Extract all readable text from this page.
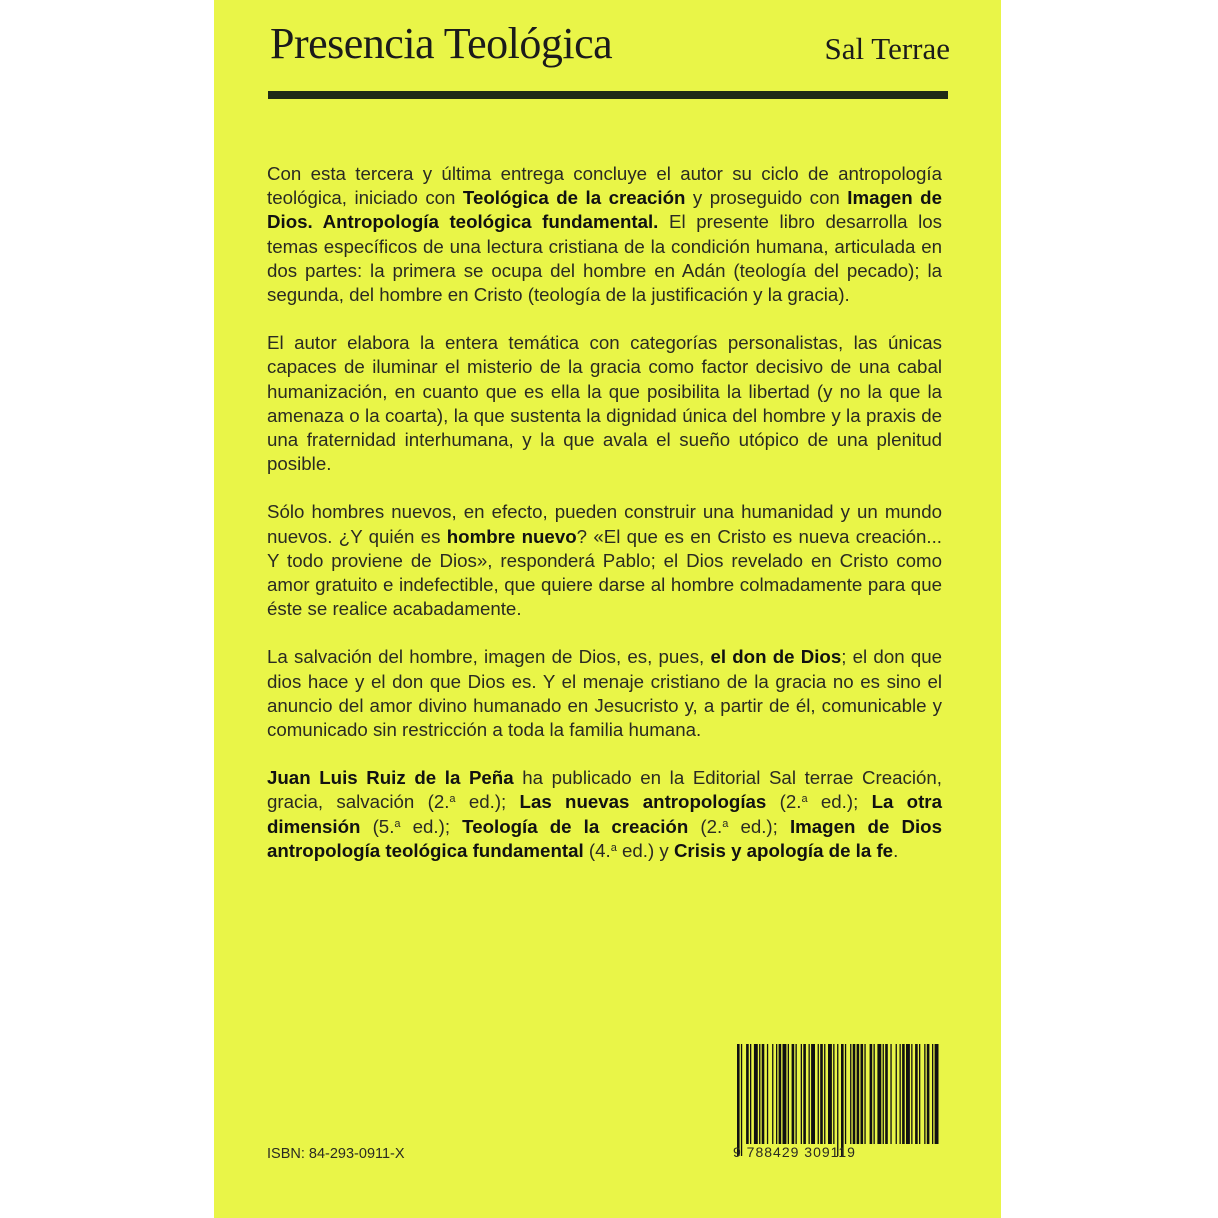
Presencia Teológica	Sal Terrae

Con esta tercera y última entrega concluye el autor su ciclo de antropología teológica, iniciado con Teológica de la creación y proseguido con Imagen de Dios. Antropología teológica fundamental. El presente libro desarrolla los temas específicos de una lectura cristiana de la condición humana, articulada en dos partes: la primera se ocupa del hombre en Adán (teología del pecado); la segunda, del hombre en Cristo (teología de la justificación y la gracia).

El autor elabora la entera temática con categorías personalistas, las únicas capaces de iluminar el misterio de la gracia como factor decisivo de una cabal humanización, en cuanto que es ella la que posibilita la libertad (y no la que la amenaza o la coarta), la que sustenta la dignidad única del hombre y la praxis de una fraternidad interhumana, y la que avala el sueño utópico de una plenitud posible.

Sólo hombres nuevos, en efecto, pueden construir una humanidad y un mundo nuevos. ¿Y quién es hombre nuevo? «El que es en Cristo es nueva creación... Y todo proviene de Dios», responderá Pablo; el Dios revelado en Cristo como amor gratuito e indefectible, que quiere darse al hombre colmadamente para que éste se realice acabadamente.

La salvación del hombre, imagen de Dios, es, pues, el don de Dios; el don que dios hace y el don que Dios es. Y el menaje cristiano de la gracia no es sino el anuncio del amor divino humanado en Jesucristo y, a partir de él, comunicable y comunicado sin restricción a toda la familia humana.

Juan Luis Ruiz de la Peña ha publicado en la Editorial Sal terrae Creación, gracia, salvación (2.$^a$ ed.); Las nuevas antropologías (2.$^a$ ed.); La otra dimensión (5.$^a$ ed.); Teología de la creación (2.$^a$ ed.); Imagen de Dios antropología teológica fundamental (4.$^a$ ed.) y Crisis y apología de la fe.

ISBN: 84-293-0911-X	9 788429 309119
